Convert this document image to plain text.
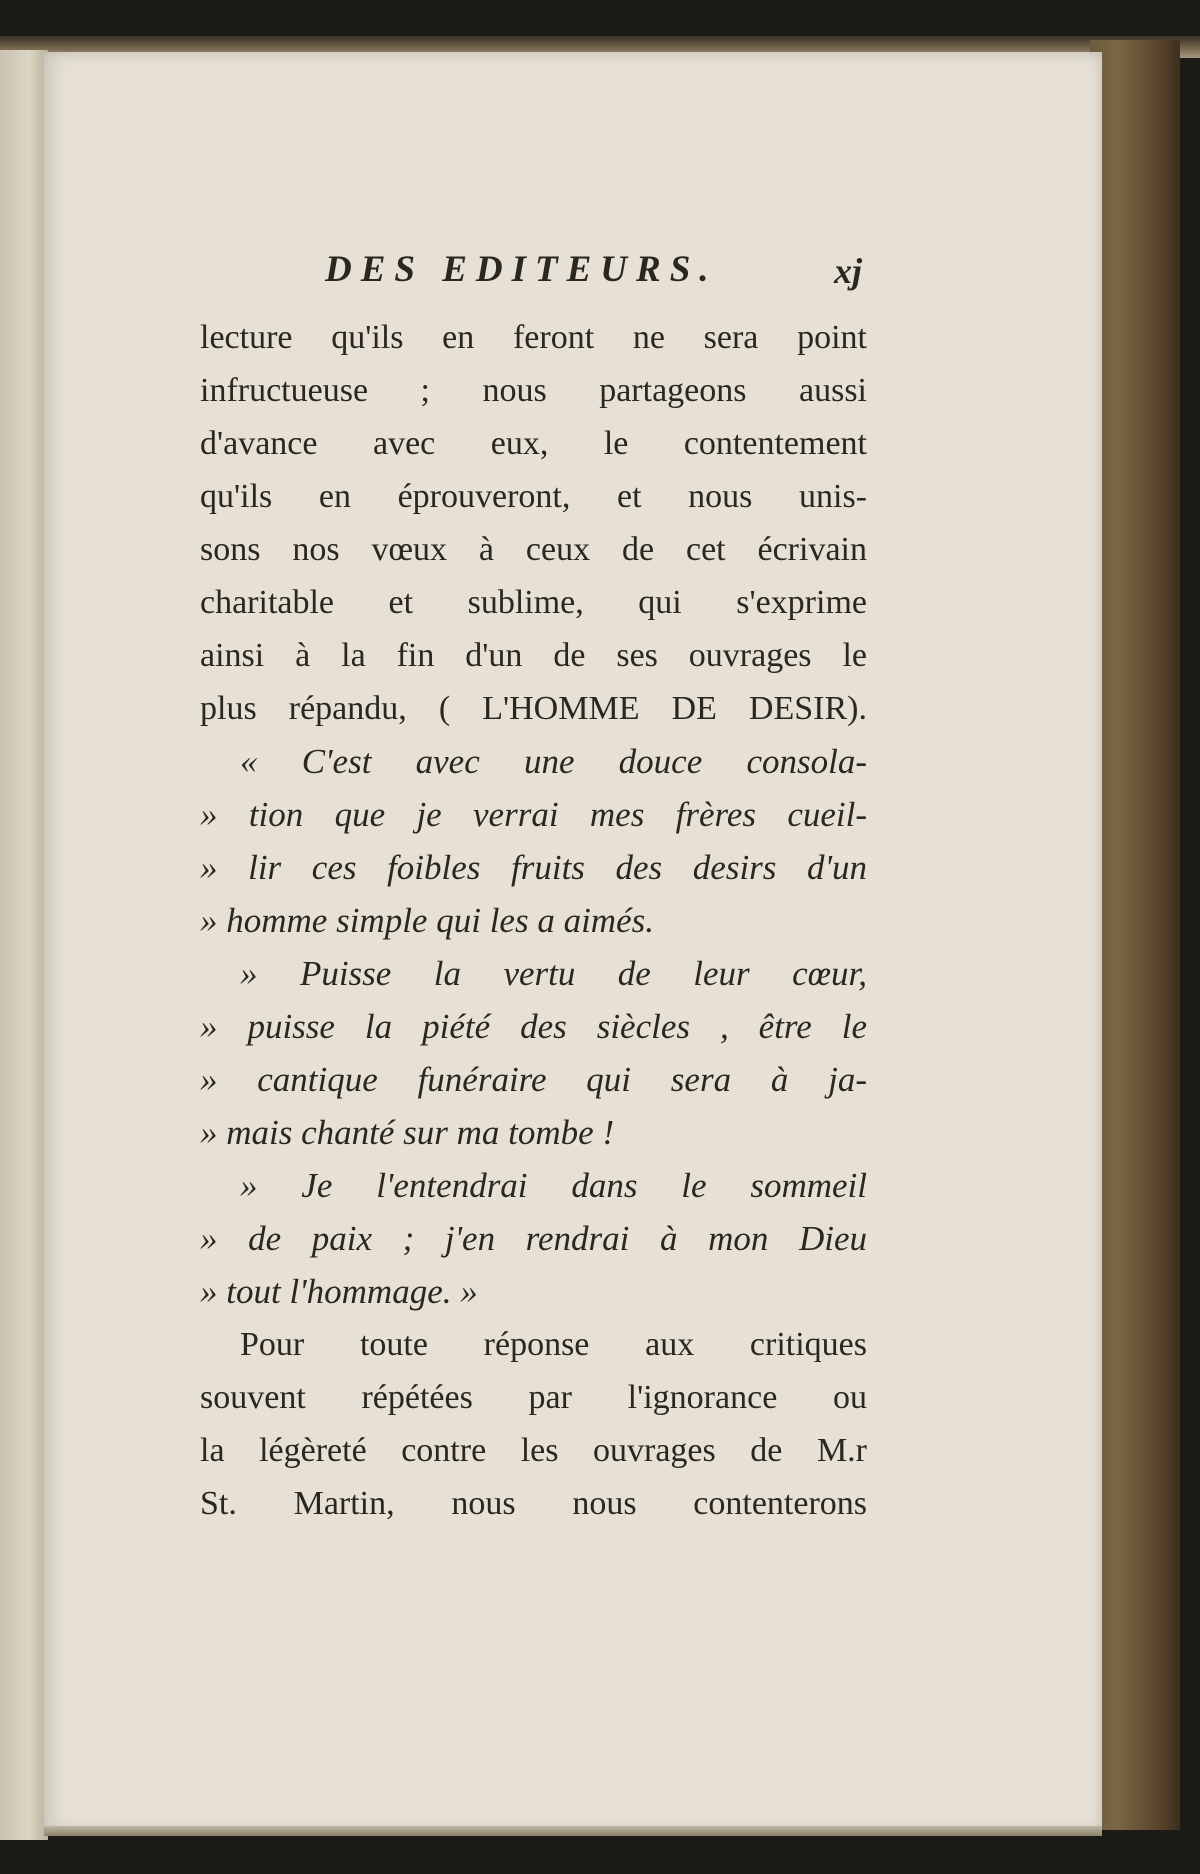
DES EDITEURS.	xj
lecture qu'ils en feront ne sera point
infructueuse ; nous partageons aussi
d'avance avec eux, le contentement
qu'ils en éprouveront, et nous unis-
sons nos vœux à ceux de cet écrivain
charitable et sublime, qui s'exprime
ainsi à la fin d'un de ses ouvrages le
plus répandu, ( L'HOMME DE DESIR).
« C'est avec une douce consola-
» tion que je verrai mes frères cueil-
» lir ces foibles fruits des desirs d'un
» homme simple qui les a aimés.
» Puisse la vertu de leur cœur,
» puisse la piété des siècles , être le
» cantique funéraire qui sera à ja-
» mais chanté sur ma tombe !
» Je l'entendrai dans le sommeil
» de paix ; j'en rendrai à mon Dieu
» tout l'hommage. »
Pour toute réponse aux critiques
souvent répétées par l'ignorance ou
la légèreté contre les ouvrages de M.r
St. Martin, nous nous contenterons
